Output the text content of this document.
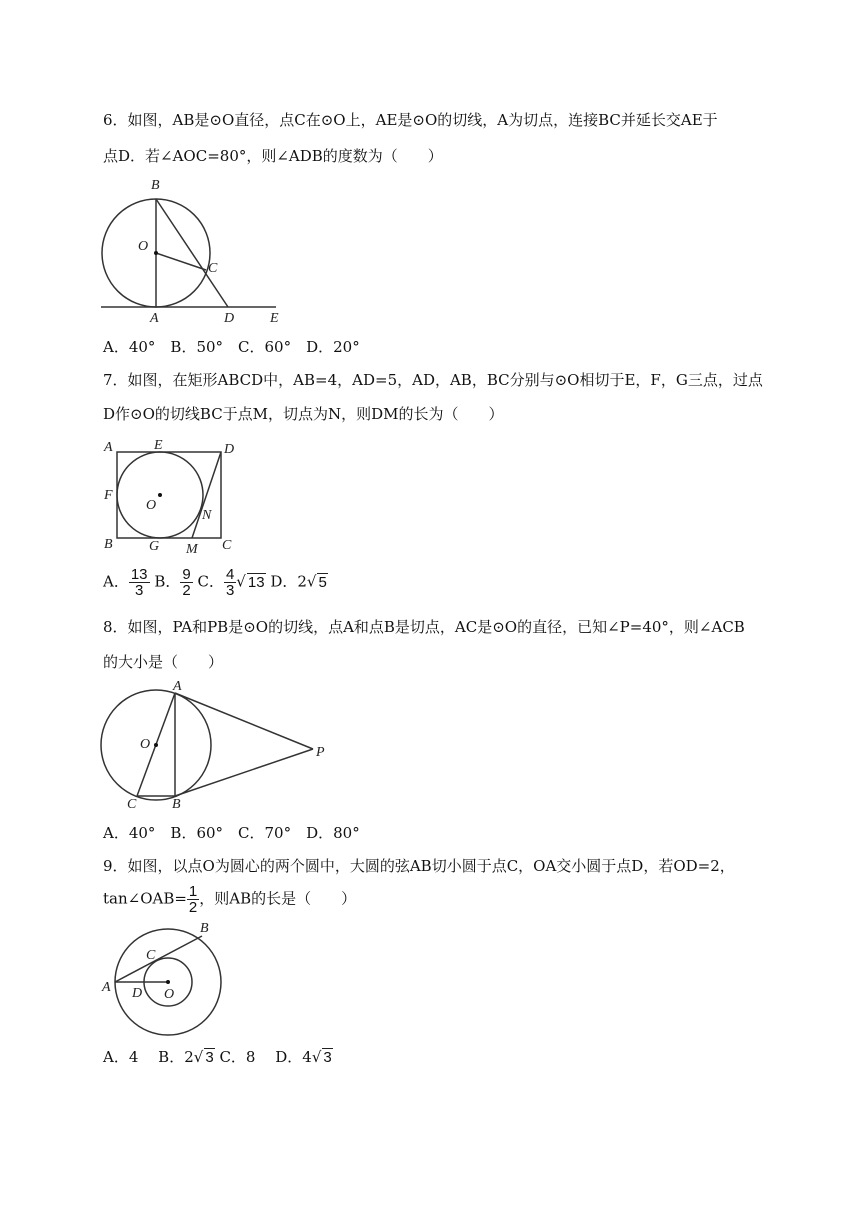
6．如图，AB是⊙O直径，点C在⊙O上，AE是⊙O的切线，A为切点，连接BC并延长交AE于
点D．若∠AOC=80°，则∠ADB的度数为（　　）
B
O
C
A	D	E
A．40°　B．50°　C．60°　D．20°
7．如图，在矩形ABCD中，AB=4，AD=5，AD，AB，BC分别与⊙O相切于E，F，G三点，过点
D作⊙O的切线BC于点M，切点为N，则DM的长为（　　）
A	E	D
F
O
N
B	G M C
A． $\frac{13}{3}$ B． $\frac{9}{2}$ C． $\frac{4}{3}$ √ 13 D．2√ 5
8．如图，PA和PB是⊙O的切线，点A和点B是切点，AC是⊙O的直径，已知∠P=40°，则∠ACB
的大小是（　　）
A
O
P
C	B
A．40°　B．60°　C．70°　D．80°
9．如图，以点O为圆心的两个圆中，大圆的弦AB切小圆于点C，OA交小圆于点D，若OD=2，
tan∠OAB= $\frac{1}{2}$ ，则AB的长是（　　）
B
C
A D O
A．4　 B．2√ 3 C．8　 D．4√ 3
